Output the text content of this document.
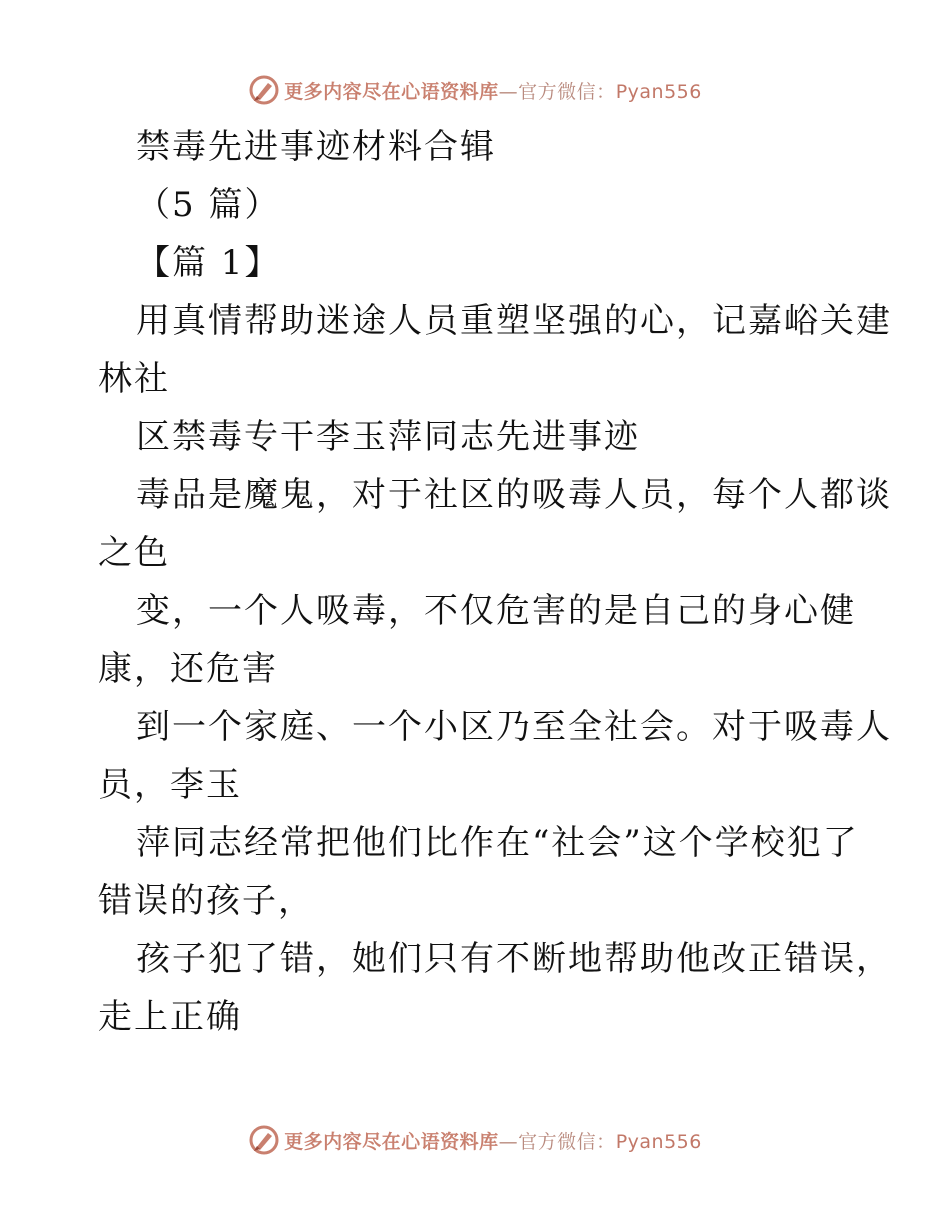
更多内容尽在心语资料库—官方微信：Pyan556
禁毒先进事迹材料合辑
（5 篇）
【篇 1】
用真情帮助迷途人员重塑坚强的心，记嘉峪关建
林社
区禁毒专干李玉萍同志先进事迹
毒品是魔鬼，对于社区的吸毒人员，每个人都谈
之色
变，一个人吸毒，不仅危害的是自己的身心健
康，还危害
到一个家庭、一个小区乃至全社会。对于吸毒人
员，李玉
萍同志经常把他们比作在“社会”这个学校犯了
错误的孩子，
孩子犯了错，她们只有不断地帮助他改正错误，
走上正确
更多内容尽在心语资料库—官方微信：Pyan556
